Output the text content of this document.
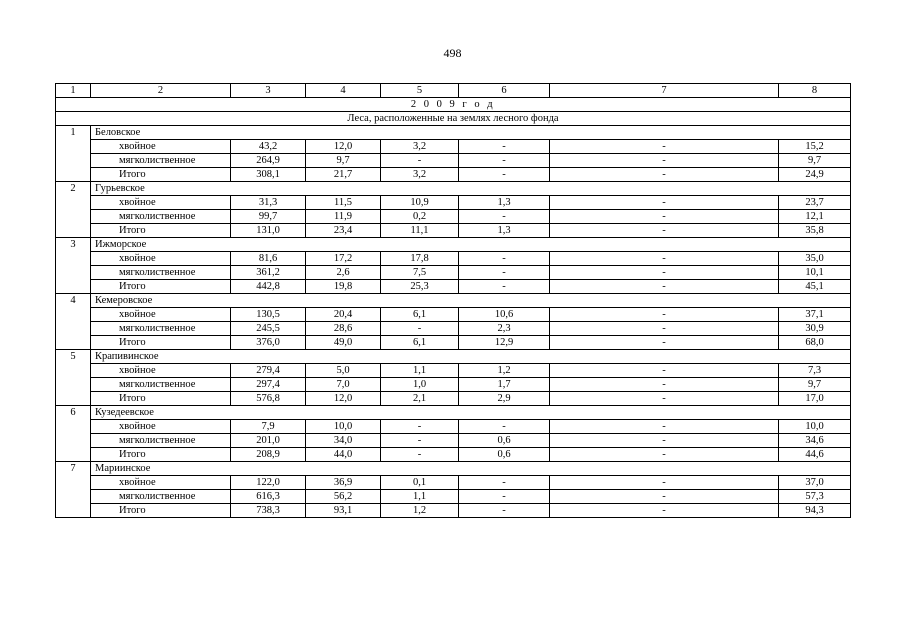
498
1	2	3	4	5	6	7	8
2 0 0 9 г о д							
Леса, расположенные на землях лесного фонда							
1	Беловское						
	хвойное	43,2	12,0	3,2	-	-	15,2
	мягколиственное	264,9	9,7	-	-	-	9,7
	Итого	308,1	21,7	3,2	-	-	24,9
2	Гурьевское						
	хвойное	31,3	11,5	10,9	1,3	-	23,7
	мягколиственное	99,7	11,9	0,2	-	-	12,1
	Итого	131,0	23,4	11,1	1,3	-	35,8
3	Ижморское						
	хвойное	81,6	17,2	17,8	-	-	35,0
	мягколиственное	361,2	2,6	7,5	-	-	10,1
	Итого	442,8	19,8	25,3	-	-	45,1
4	Кемеровское						
	хвойное	130,5	20,4	6,1	10,6	-	37,1
	мягколиственное	245,5	28,6	-	2,3	-	30,9
	Итого	376,0	49,0	6,1	12,9	-	68,0
5	Крапивинское						
	хвойное	279,4	5,0	1,1	1,2	-	7,3
	мягколиственное	297,4	7,0	1,0	1,7	-	9,7
	Итого	576,8	12,0	2,1	2,9	-	17,0
6	Кузедеевское						
	хвойное	7,9	10,0	-	-	-	10,0
	мягколиственное	201,0	34,0	-	0,6	-	34,6
	Итого	208,9	44,0	-	0,6	-	44,6
7	Мариинское						
	хвойное	122,0	36,9	0,1	-	-	37,0
	мягколиственное	616,3	56,2	1,1	-	-	57,3
	Итого	738,3	93,1	1,2	-	-	94,3
